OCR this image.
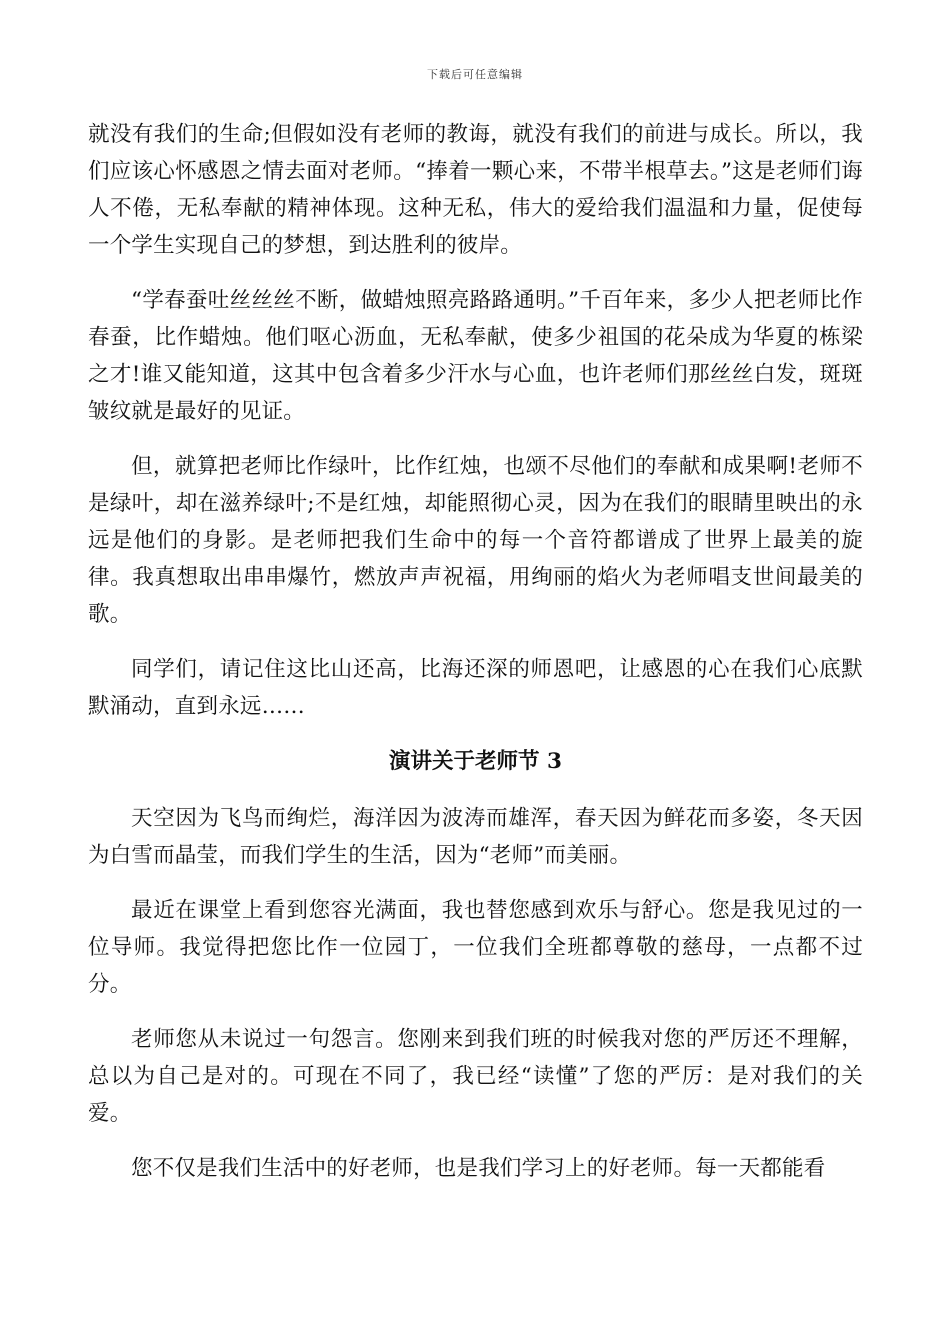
下载后可任意编辑

就没有我们的生命;但假如没有老师的教诲，就没有我们的前进与成长。所以，我们应该心怀感恩之情去面对老师。“捧着一颗心来，不带半根草去。”这是老师们诲人不倦，无私奉献的精神体现。这种无私，伟大的爱给我们温温和力量，促使每一个学生实现自己的梦想，到达胜利的彼岸。

“学春蚕吐丝丝丝不断，做蜡烛照亮路路通明。”千百年来，多少人把老师比作春蚕，比作蜡烛。他们呕心沥血，无私奉献，使多少祖国的花朵成为华夏的栋梁之才!谁又能知道，这其中包含着多少汗水与心血，也许老师们那丝丝白发，斑斑皱纹就是最好的见证。

但，就算把老师比作绿叶，比作红烛，也颂不尽他们的奉献和成果啊!老师不是绿叶，却在滋养绿叶;不是红烛，却能照彻心灵，因为在我们的眼睛里映出的永远是他们的身影。是老师把我们生命中的每一个音符都谱成了世界上最美的旋律。我真想取出串串爆竹，燃放声声祝福，用绚丽的焰火为老师唱支世间最美的歌。

同学们，请记住这比山还高，比海还深的师恩吧，让感恩的心在我们心底默默涌动，直到永远……

演讲关于老师节 3

天空因为飞鸟而绚烂，海洋因为波涛而雄浑，春天因为鲜花而多姿，冬天因为白雪而晶莹，而我们学生的生活，因为“老师”而美丽。

最近在课堂上看到您容光满面，我也替您感到欢乐与舒心。您是我见过的一位导师。我觉得把您比作一位园丁，一位我们全班都尊敬的慈母，一点都不过分。

老师您从未说过一句怨言。您刚来到我们班的时候我对您的严厉还不理解，总以为自己是对的。可现在不同了，我已经“读懂”了您的严厉：是对我们的关爱。

您不仅是我们生活中的好老师，也是我们学习上的好老师。每一天都能看
